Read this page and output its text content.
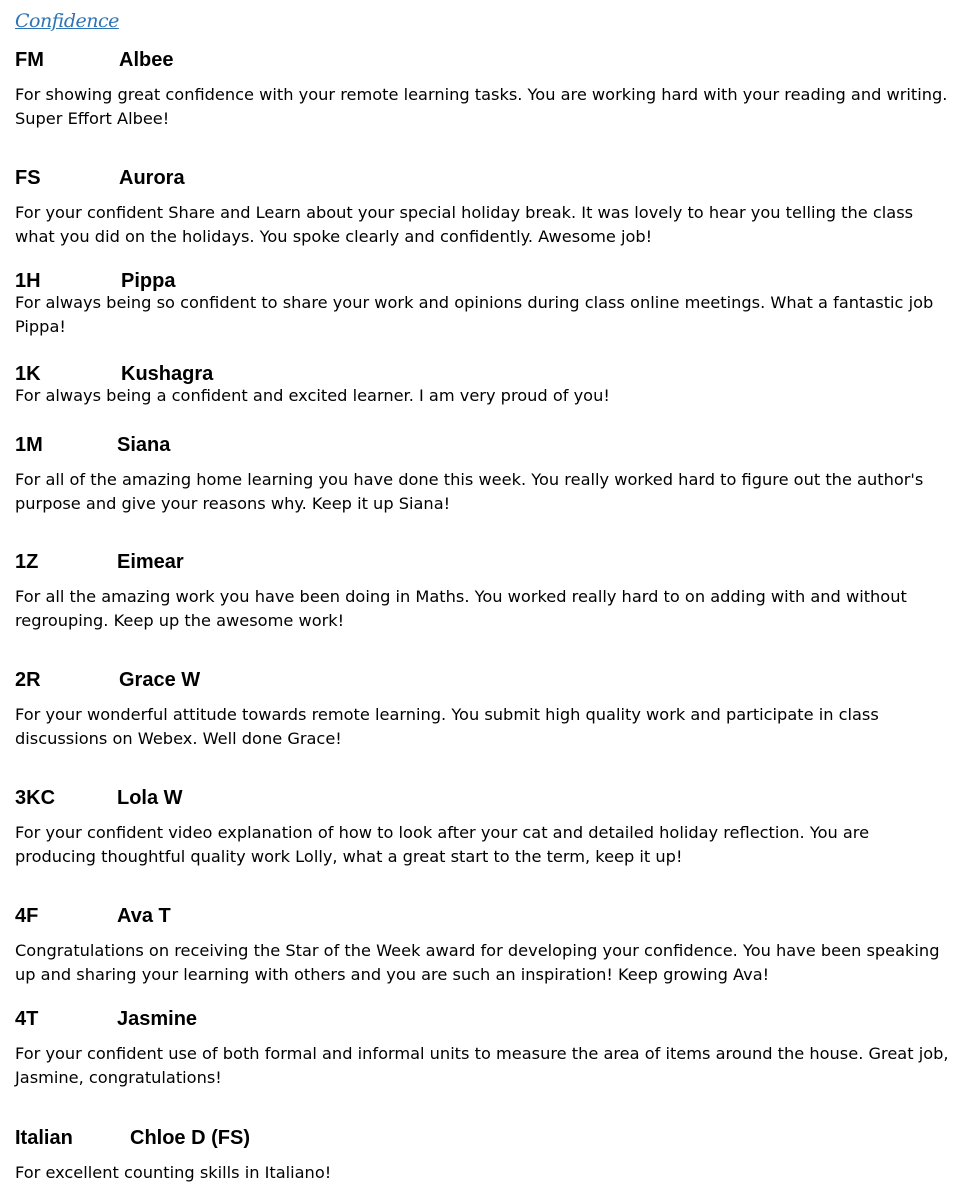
Confidence
FM	Albee

For showing great confidence with your remote learning tasks. You are working hard with your reading and writing. Super Effort Albee!

FS	Aurora

For your confident Share and Learn about your special holiday break. It was lovely to hear you telling the class what you did on the holidays. You spoke clearly and confidently. Awesome job!

1H	Pippa

For always being so confident to share your work and opinions during class online meetings. What a fantastic job Pippa!

1K	Kushagra

For always being a confident and excited learner. I am very proud of you!

1M	Siana

For all of the amazing home learning you have done this week. You really worked hard to figure out the author's purpose and give your reasons why. Keep it up Siana!

1Z	Eimear

For all the amazing work you have been doing in Maths. You worked really hard to on adding with and without regrouping. Keep up the awesome work!

2R	Grace W

For your wonderful attitude towards remote learning. You submit high quality work and participate in class discussions on Webex. Well done Grace!

3KC	Lola W

For your confident video explanation of how to look after your cat and detailed holiday reflection. You are producing thoughtful quality work Lolly, what a great start to the term, keep it up!

4F	Ava T

Congratulations on receiving the Star of the Week award for developing your confidence. You have been speaking up and sharing your learning with others and you are such an inspiration! Keep growing Ava!

4T	Jasmine

For your confident use of both formal and informal units to measure the area of items around the house. Great job, Jasmine, congratulations!

Italian	Chloe D (FS)

For excellent counting skills in Italiano!
